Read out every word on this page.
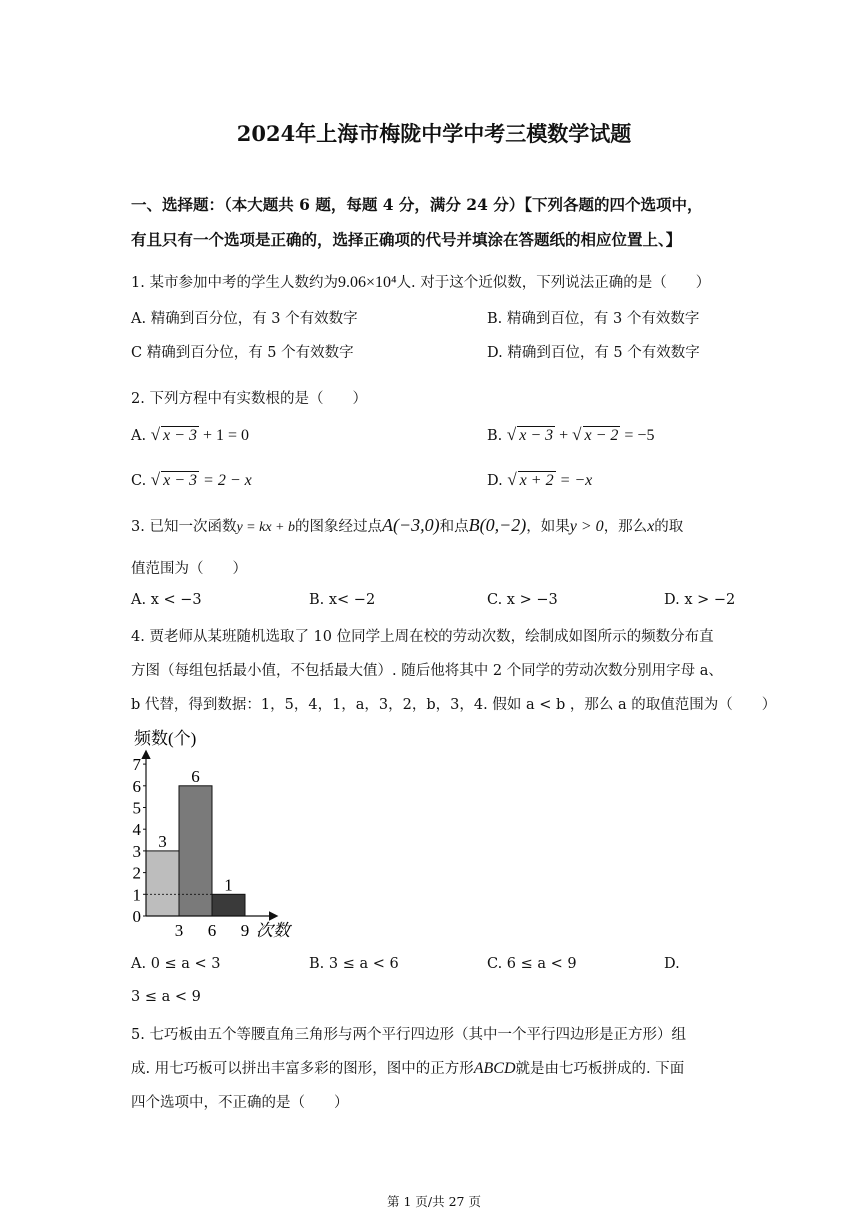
2024年上海市梅陇中学中考三模数学试题
一、选择题：（本大题共 6 题，每题 4 分，满分 24 分）【下列各题的四个选项中，
有且只有一个选项是正确的，选择正确项的代号并填涂在答题纸的相应位置上、】
1. 某市参加中考的学生人数约为9.06×10⁴人. 对于这个近似数，下列说法正确的是（　　）
A. 精确到百分位，有 3 个有效数字	B. 精确到百位，有 3 个有效数字
C 精确到百分位，有 5 个有效数字	D. 精确到百位，有 5 个有效数字
2. 下列方程中有实数根的是（　　）
A. √ x − 3 + 1 = 0	B. √ x − 3 + √ x − 2 = −5
C. √ x − 3 = 2 − x	D. √ x + 2 = −x
3. 已知一次函数y = kx + b的图象经过点A(−3,0)和点B(0,−2)，如果y > 0，那么x的取
值范围为（　　）
A. x < −3	B. x< −2	C. x > −3	D. x > −2
4. 贾老师从某班随机选取了 10 位同学上周在校的劳动次数，绘制成如图所示的频数分布直
方图（每组包括最小值，不包括最大值）. 随后他将其中 2 个同学的劳动次数分别用字母 a、
b 代替，得到数据：1，5，4，1，a，3，2，b，3，4. 假如 a < b ，那么 a 的取值范围为（　　）
频数(个)
0
1
2
3
4
5
6
7
3 6 9
3
6
1
次数
A. 0 ≤ a < 3	B. 3 ≤ a < 6	C. 6 ≤ a < 9	D.
3 ≤ a < 9
5. 七巧板由五个等腰直角三角形与两个平行四边形（其中一个平行四边形是正方形）组
成. 用七巧板可以拼出丰富多彩的图形，图中的正方形ABCD就是由七巧板拼成的. 下面
四个选项中，不正确的是（　　）
第 1 页/共 27 页
